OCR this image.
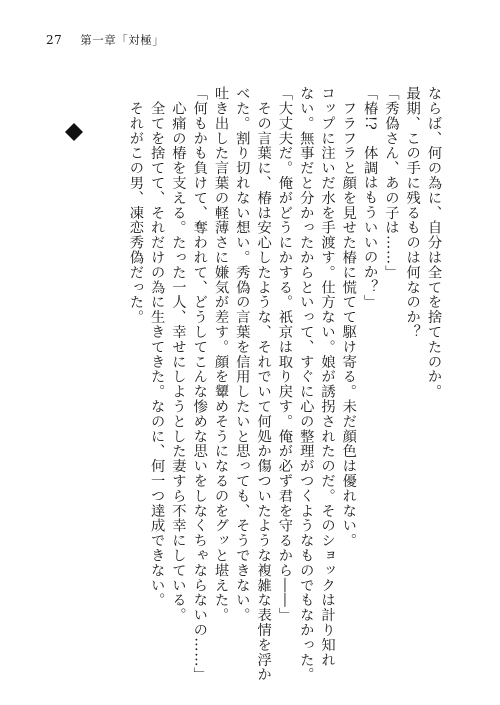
27 第一章「対極」
ならば、何の為に、自分は全てを捨てたのか。
最期、この手に残るものは何なのか？
「秀偽さん、あの子は……」
「椿!?　体調はもういいのか？」
　フラフラと顔を見せた椿に慌てて駆け寄る。未だ顔色は優れない。
コップに注いだ水を手渡す。仕方ない。娘が誘拐されたのだ。そのショックは計り知れ
ない。無事だと分かったからといって、すぐに心の整理がつくようなものでもなかった。
「大丈夫だ。俺がどうにかする。祇京は取り戻す。俺が必ず君を守るから――」
　その言葉に、椿は安心したような、それでいて何処か傷ついたような複雑な表情を浮か
べた。割り切れない想い。秀偽の言葉を信用したいと思っても、そうできない。
吐き出した言葉の軽薄さに嫌気が差す。顔を顰めそうになるのをグッと堪えた。
「何もかも負けて、奪われて、どうしてこんな惨めな思いをしなくちゃならないの……」
　心痛の椿を支える。たった一人、幸せにしようとした妻すら不幸にしている。
　全てを捨てて、それだけの為に生きてきた。なのに、何一つ達成できない。
　それがこの男、凍恋秀偽だった。
